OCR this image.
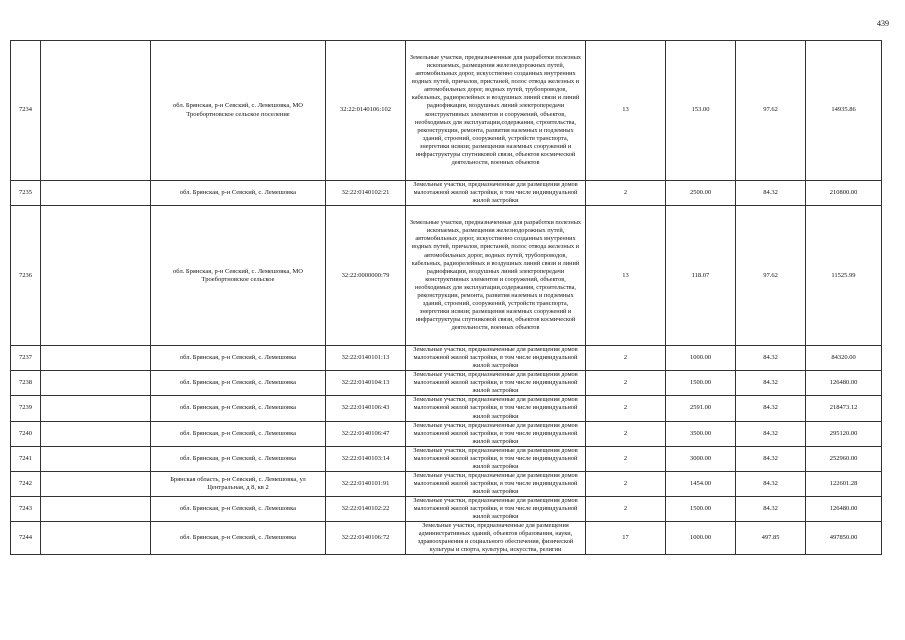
439
7234		обл. Брянская, р-н Севский, с. Лемешовка, МО Троебортновское сельское поселение	32:22:0140106:102	Земельные участки, предназначенные для разработки полезных ископаемых, размещения железнодорожных путей, автомобильных дорог, искусственно созданных внутренних водных путей, причалов, пристаней, полос отвода железных и автомобильных дорог, водных путей, трубопроводов, кабельных, радиорелейных и воздушных линий связи и линий радиофикации, воздушных линий электропередачи конструктивных элементов и сооружений, объектов, необходимых для эксплуатации,содержания, строительства, реконструкции, ремонта, развития наземных и подземных зданий, строений, сооружений, устройств транспорта, энергетики исвязи; размещения наземных сооружений и инфраструктуры спутниковой связи, объектов космической деятельности, военных объектов	13	153.00	97.62	14935.86
7235		обл. Брянская, р-н Севский, с. Лемешовка	32:22:0140102:21	Земельные участки, предназначенные для размещения домов малоэтажной жилой застройки, в том числе индивидуальной жилой застройки	2	2500.00	84.32	210800.00
7236		обл. Брянская, р-н Севский, с. Лемешовка, МО Троебортновское сельское	32:22:0000000:79	Земельные участки, предназначенные для разработки полезных ископаемых, размещения железнодорожных путей, автомобильных дорог, искусственно созданных внутренних водных путей, причалов, пристаней, полос отвода железных и автомобильных дорог, водных путей, трубопроводов, кабельных, радиорелейных и воздушных линий связи и линий радиофикации, воздушных линий электропередачи конструктивных элементов и сооружений, объектов, необходимых для эксплуатации,содержания, строительства, реконструкции, ремонта, развития наземных и подземных зданий, строений, сооружений, устройств транспорта, энергетики исвязи; размещения наземных сооружений и инфраструктуры спутниковой связи, объектов космической деятельности, военных объектов	13	118.07	97.62	11525.99
7237		обл. Брянская, р-н Севский, с. Лемешовка	32:22:0140101:13	Земельные участки, предназначенные для размещения домов малоэтажной жилой застройки, в том числе индивидуальной жилой застройки	2	1000.00	84.32	84320.00
7238		обл. Брянская, р-н Севский, с. Лемешовка	32:22:0140104:13	Земельные участки, предназначенные для размещения домов малоэтажной жилой застройки, в том числе индивидуальной жилой застройки	2	1500.00	84.32	126480.00
7239		обл. Брянская, р-н Севский, с. Лемешовка	32:22:0140106:43	Земельные участки, предназначенные для размещения домов малоэтажной жилой застройки, в том числе индивидуальной жилой застройки	2	2591.00	84.32	218473.12
7240		обл. Брянская, р-н Севский, с. Лемешовка	32:22:0140106:47	Земельные участки, предназначенные для размещения домов малоэтажной жилой застройки, в том числе индивидуальной жилой застройки	2	3500.00	84.32	295120.00
7241		обл. Брянская, р-н Севский, с. Лемешовка	32:22:0140103:14	Земельные участки, предназначенные для размещения домов малоэтажной жилой застройки, в том числе индивидуальной жилой застройки	2	3000.00	84.32	252960.00
7242		Брянская область, р-н Севский, с. Лемешовка, ул Центральная, д 8, кв 2	32:22:0140101:91	Земельные участки, предназначенные для размещения домов малоэтажной жилой застройки, в том числе индивидуальной жилой застройки	2	1454.00	84.32	122601.28
7243		обл. Брянская, р-н Севский, с. Лемешовка	32:22:0140102:22	Земельные участки, предназначенные для размещения домов малоэтажной жилой застройки, в том числе индивидуальной жилой застройки	2	1500.00	84.32	126480.00
7244		обл. Брянская, р-н Севский, с. Лемешовка	32:22:0140106:72	Земельные участки, предназначенные для размещения административных зданий, объектов образования, науки, здравоохранения и социального обеспечения, физической культуры и спорта, культуры, искусства, религии	17	1000.00	497.85	497850.00
